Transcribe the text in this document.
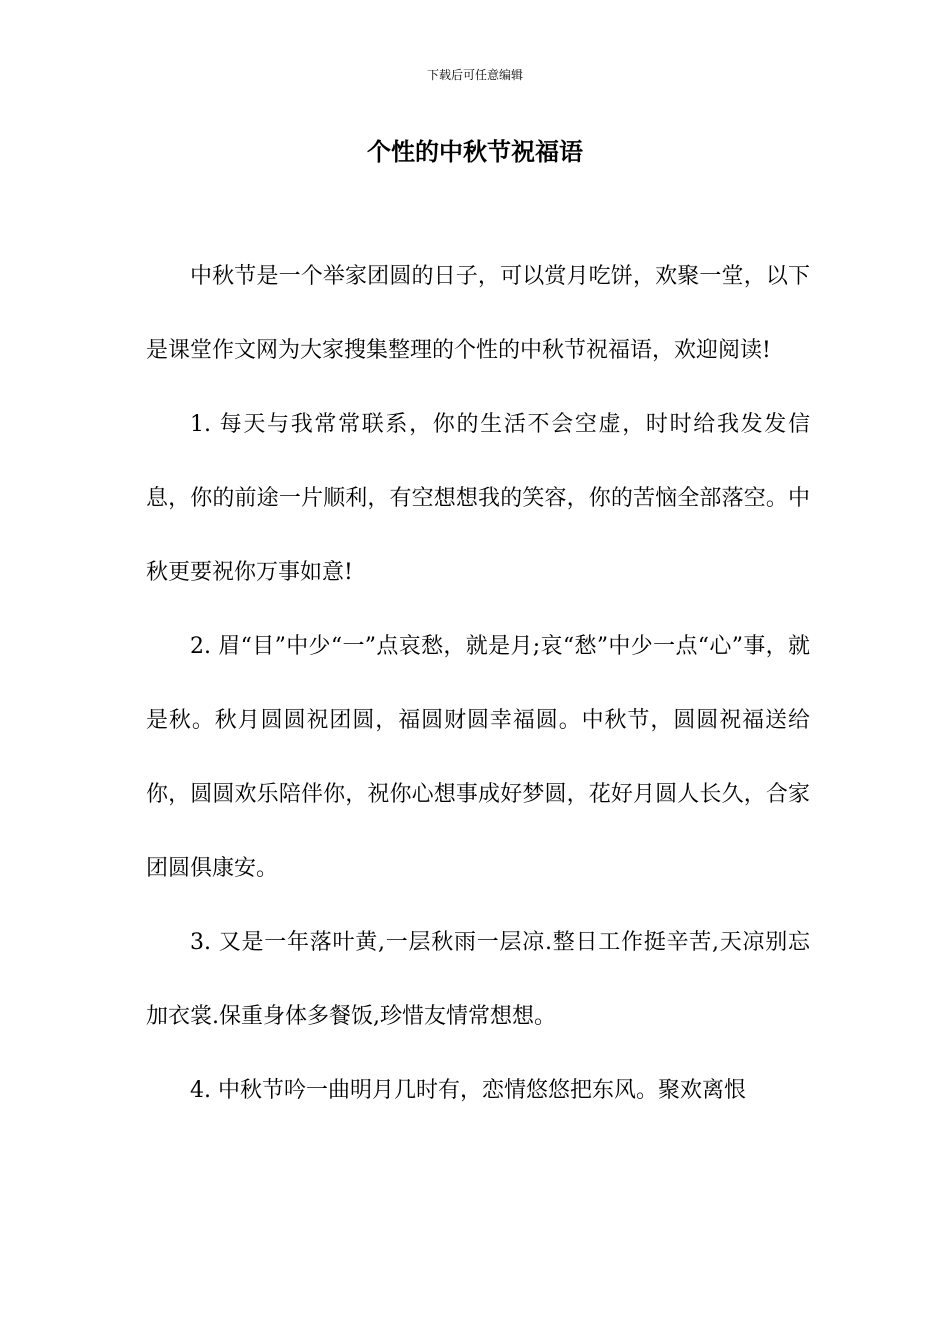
下载后可任意编辑
个性的中秋节祝福语

中秋节是一个举家团圆的日子，可以赏月吃饼，欢聚一堂，以下是课堂作文网为大家搜集整理的个性的中秋节祝福语，欢迎阅读!

1. 每天与我常常联系，你的生活不会空虚，时时给我发发信息，你的前途一片顺利，有空想想我的笑容，你的苦恼全部落空。中秋更要祝你万事如意!

2. 眉“目”中少“一”点哀愁，就是月;哀“愁”中少一点“心”事，就是秋。秋月圆圆祝团圆，福圆财圆幸福圆。中秋节，圆圆祝福送给你，圆圆欢乐陪伴你，祝你心想事成好梦圆，花好月圆人长久，合家团圆俱康安。

3. 又是一年落叶黄,一层秋雨一层凉.整日工作挺辛苦,天凉别忘加衣裳.保重身体多餐饭,珍惜友情常想想。

4. 中秋节吟一曲明月几时有，恋情悠悠把东风。聚欢离恨
